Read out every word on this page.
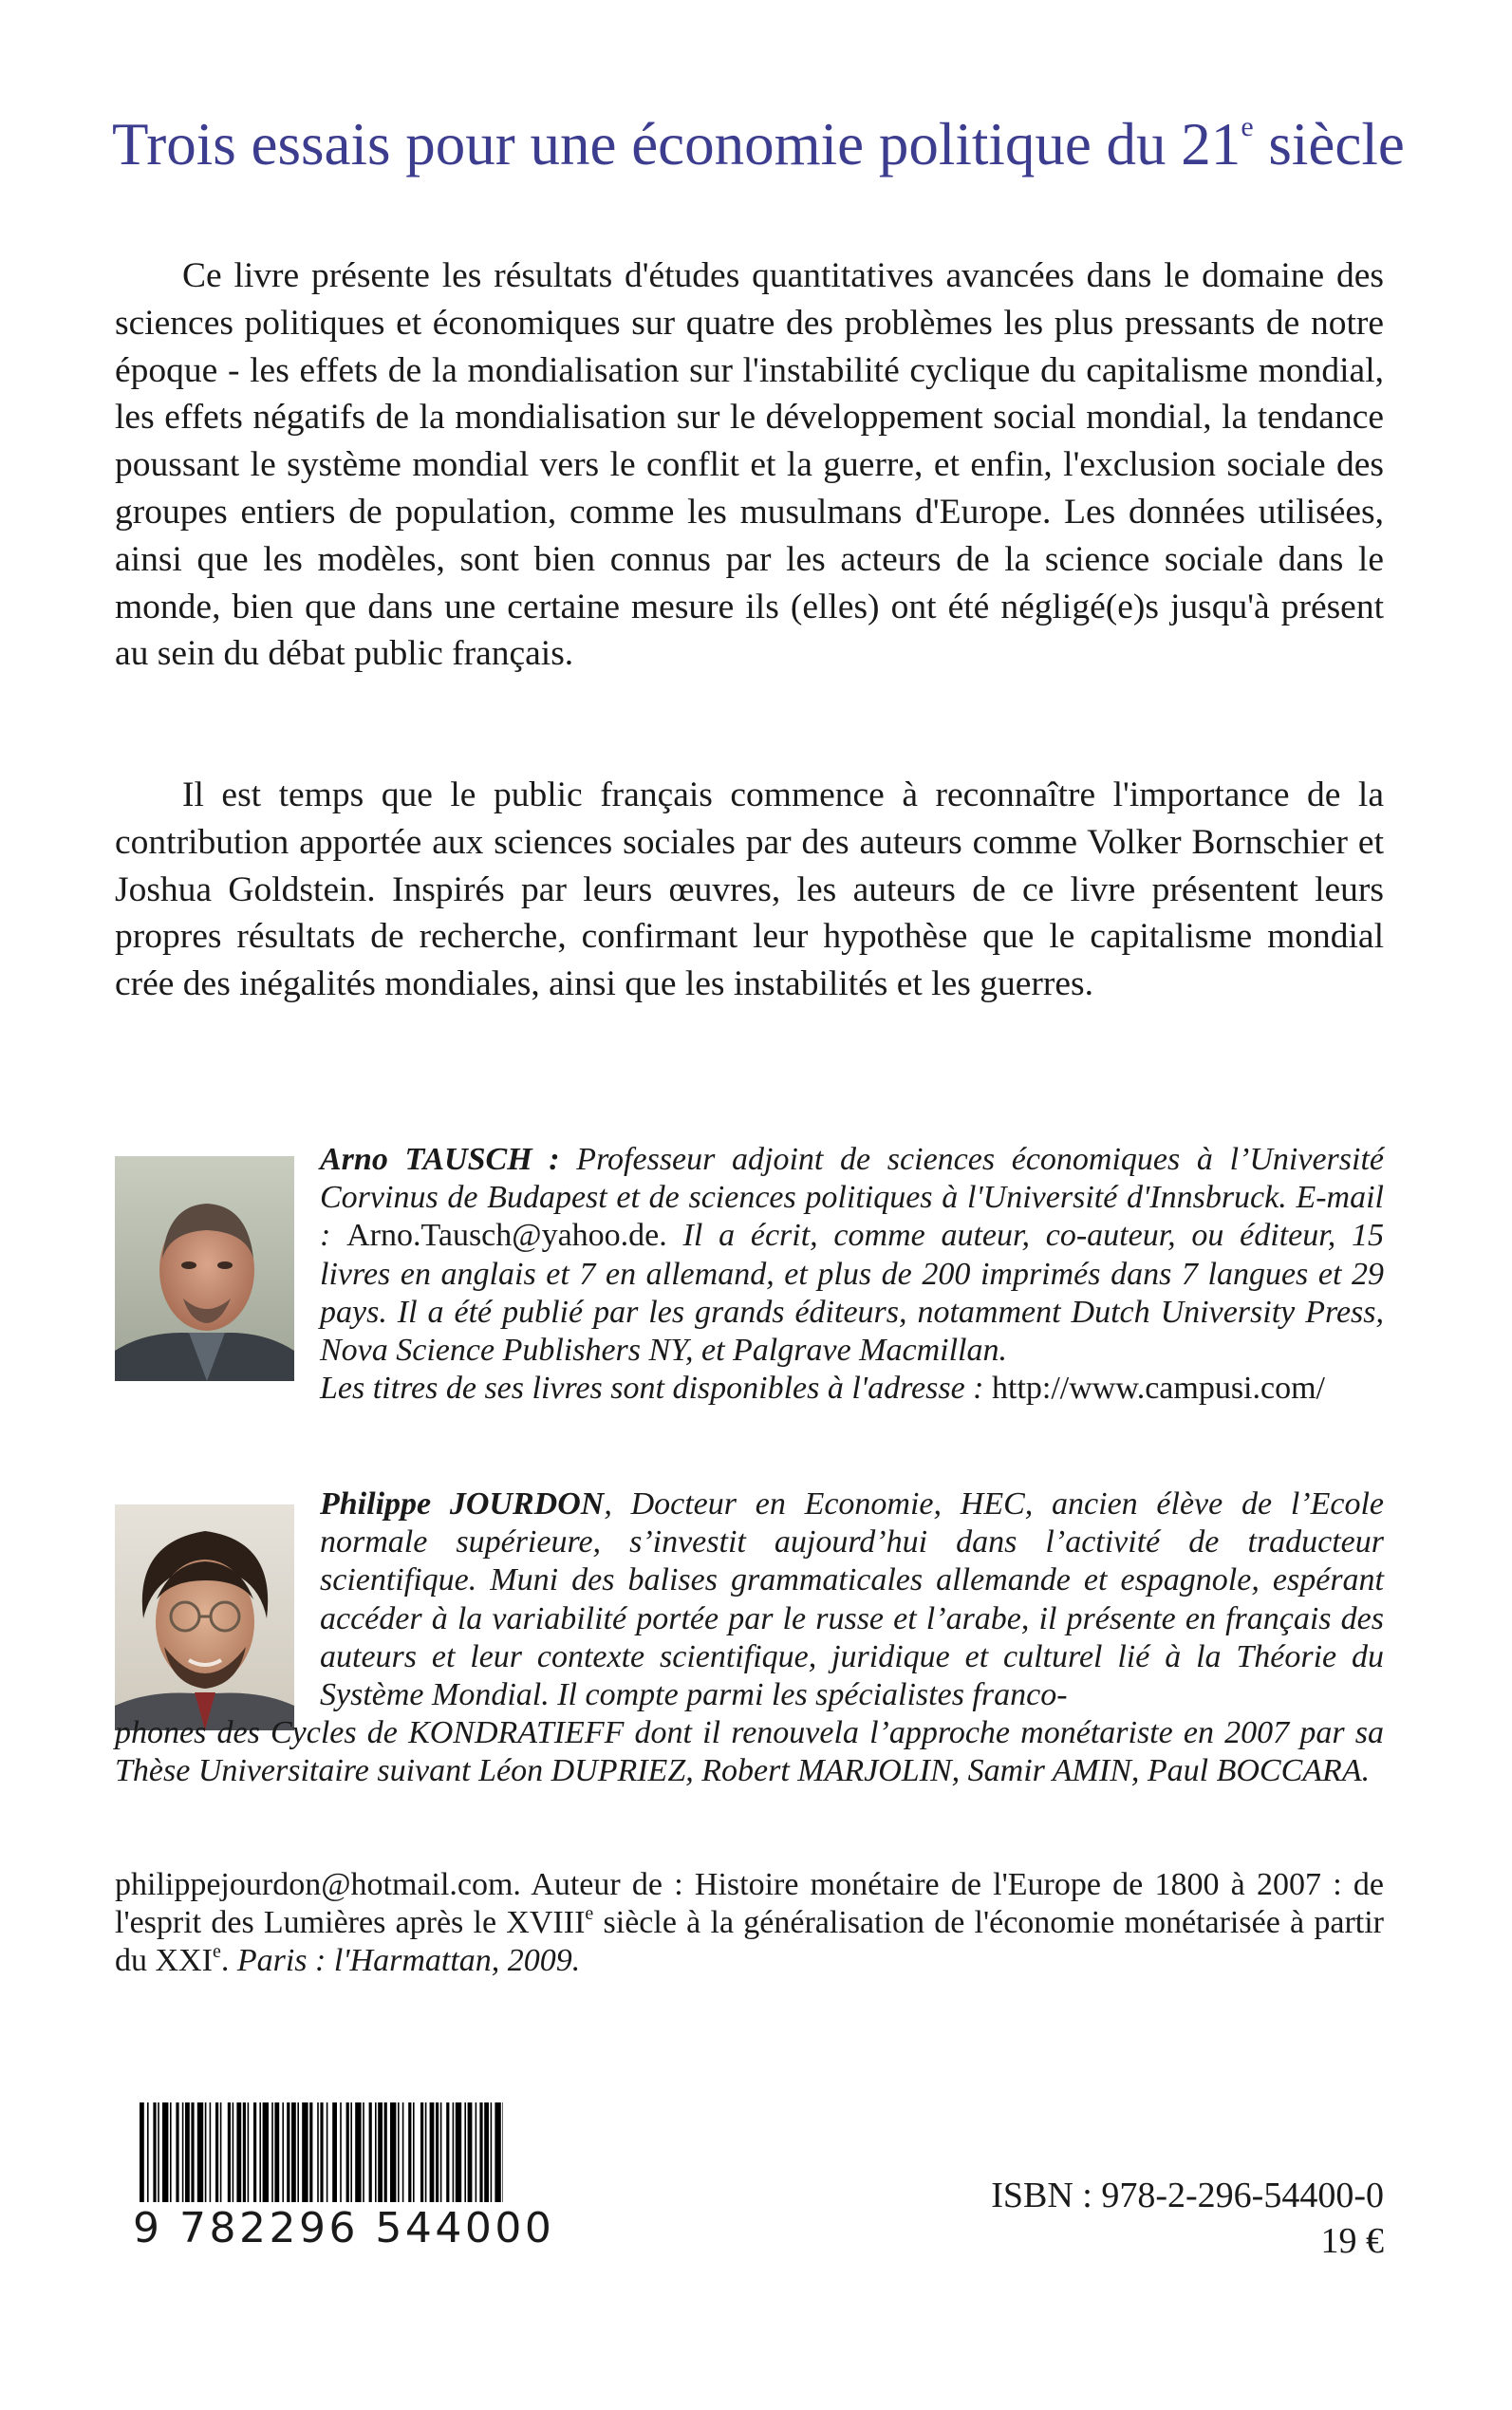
Trois essais pour une économie politique du 21e siècle

Ce livre présente les résultats d'études quantitatives avancées dans le domaine des sciences politiques et économiques sur quatre des problèmes les plus pressants de notre époque - les effets de la mondialisation sur l'instabilité cyclique du capitalisme mondial, les effets négatifs de la mondialisation sur le développement social mondial, la tendance poussant le système mondial vers le conflit et la guerre, et enfin, l'exclusion sociale des groupes entiers de population, comme les musulmans d'Europe. Les données utilisées, ainsi que les modèles, sont bien connus par les acteurs de la science sociale dans le monde, bien que dans une certaine mesure ils (elles) ont été négligé(e)s jusqu'à présent au sein du débat public français.

Il est temps que le public français commence à reconnaître l'importance de la contribution apportée aux sciences sociales par des auteurs comme Volker Bornschier et Joshua Goldstein. Inspirés par leurs œuvres, les auteurs de ce livre présentent leurs propres résultats de recherche, confirmant leur hypothèse que le capitalisme mondial crée des inégalités mondiales, ainsi que les instabilités et les guerres.

Arno TAUSCH : Professeur adjoint de sciences économiques à l’Université Corvinus de Budapest et de sciences politiques à l'Université d'Innsbruck. E-mail : Arno.Tausch@yahoo.de. Il a écrit, comme auteur, co-auteur, ou éditeur, 15 livres en anglais et 7 en allemand, et plus de 200 imprimés dans 7 langues et 29 pays. Il a été publié par les grands éditeurs, notamment Dutch University Press, Nova Science Publishers NY, et Palgrave Macmillan.
Les titres de ses livres sont disponibles à l'adresse : http://www.campusi.com/

Philippe JOURDON, Docteur en Economie, HEC, ancien élève de l’Ecole normale supérieure, s’investit aujourd’hui dans l’activité de traducteur scientifique. Muni des balises grammaticales allemande et espagnole, espérant accéder à la variabilité portée par le russe et l’arabe, il présente en français des auteurs et leur contexte scientifique, juridique et culturel lié à la Théorie du Système Mondial. Il compte parmi les spécialistes franco-

phones des Cycles de KONDRATIEFF dont il renouvela l’approche monétariste en 2007 par sa Thèse Universitaire suivant Léon DUPRIEZ, Robert MARJOLIN, Samir AMIN, Paul BOCCARA.

philippejourdon@hotmail.com. Auteur de : Histoire monétaire de l'Europe de 1800 à 2007 : de l'esprit des Lumières après le XVIIIe siècle à la généralisation de l'économie monétarisée à partir du XXIe. Paris : l'Harmattan, 2009.

9 782296 544000
ISBN : 978-2-296-54400-0
19 €
